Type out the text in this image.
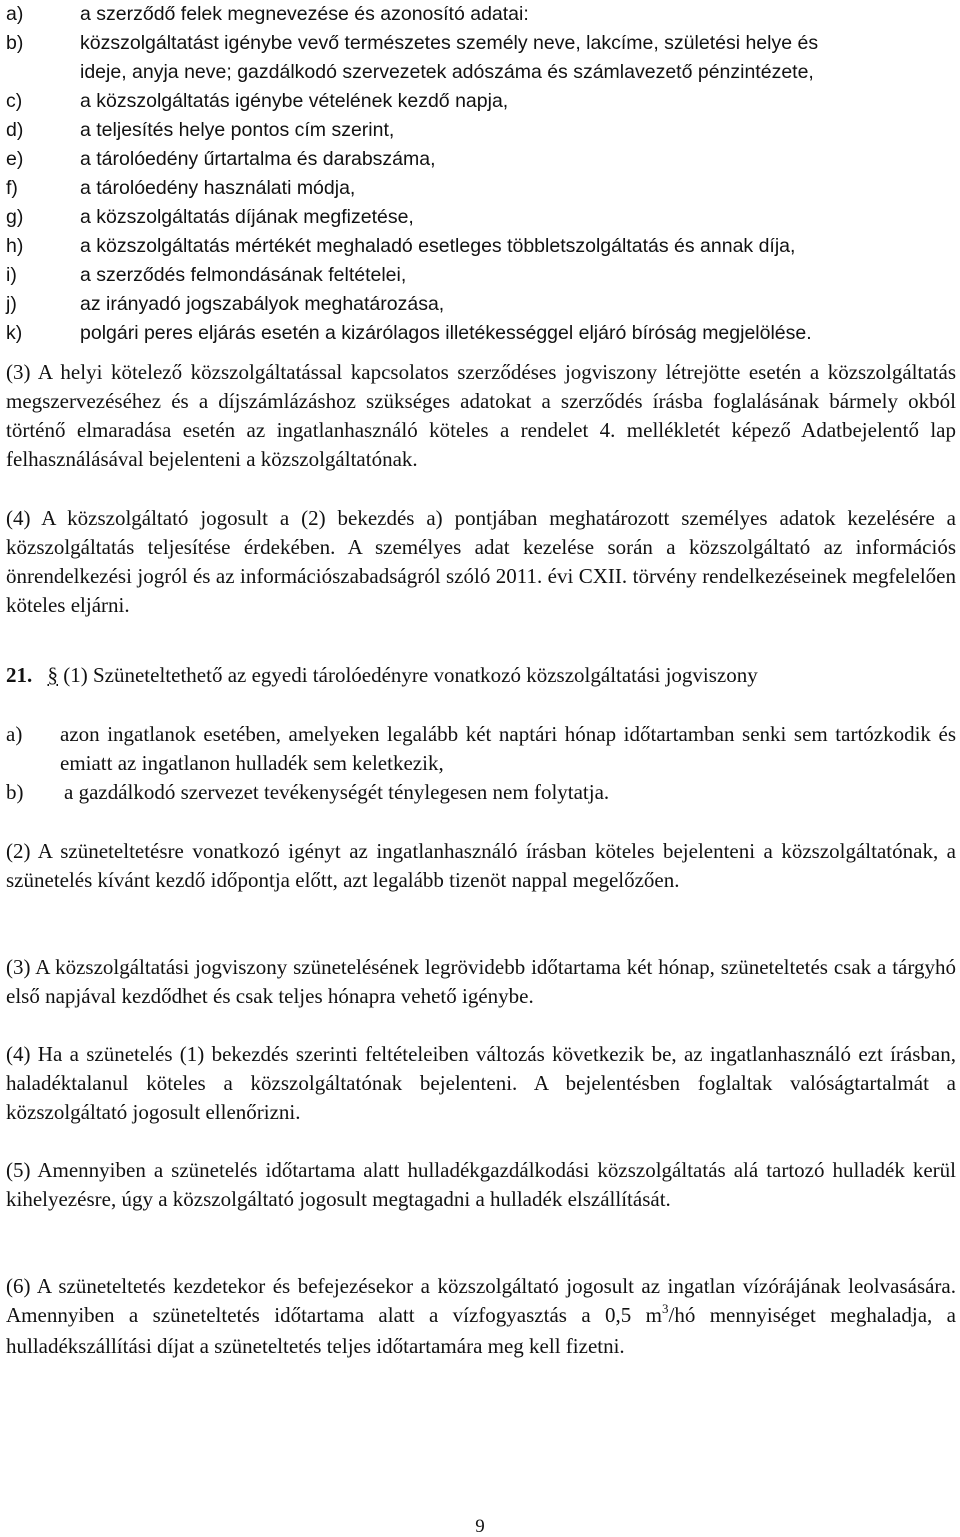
a)	a szerződő felek megnevezése és azonosító adatai:
b)	közszolgáltatást igénybe vevő természetes személy neve, lakcíme, születési helye és
ideje, anyja neve; gazdálkodó szervezetek adószáma és számlavezető pénzintézete,
c)	a közszolgáltatás igénybe vételének kezdő napja,
d)	a teljesítés helye pontos cím szerint,
e)	a tárolóedény űrtartalma és darabszáma,
f)	a tárolóedény használati módja,
g)	a közszolgáltatás díjának megfizetése,
h)	a közszolgáltatás mértékét meghaladó esetleges többletszolgáltatás és annak díja,
i)	a szerződés felmondásának feltételei,
j)	az irányadó jogszabályok meghatározása,
k)	polgári peres eljárás esetén a kizárólagos illetékességgel eljáró bíróság megjelölése.

(3) A helyi kötelező közszolgáltatással kapcsolatos szerződéses jogviszony létrejötte esetén a közszolgáltatás megszervezéséhez és a díjszámlázáshoz szükséges adatokat a szerződés írásba foglalásának bármely okból történő elmaradása esetén az ingatlanhasználó köteles a rendelet 4. mellékletét képező Adatbejelentő lap felhasználásával bejelenteni a közszolgáltatónak.

(4) A közszolgáltató jogosult a (2) bekezdés a) pontjában meghatározott személyes adatok kezelésére a közszolgáltatás teljesítése érdekében. A személyes adat kezelése során a közszolgáltató az információs önrendelkezési jogról és az információszabadságról szóló 2011. évi CXII. törvény rendelkezéseinek megfelelően köteles eljárni.

21. § (1) Szüneteltethető az egyedi tárolóedényre vonatkozó közszolgáltatási jogviszony
a) azon ingatlanok esetében, amelyeken legalább két naptári hónap időtartamban senki sem tartózkodik és emiatt az ingatlanon hulladék sem keletkezik,
b) a gazdálkodó szervezet tevékenységét ténylegesen nem folytatja.

(2) A szüneteltetésre vonatkozó igényt az ingatlanhasználó írásban köteles bejelenteni a közszolgáltatónak, a szünetelés kívánt kezdő időpontja előtt, azt legalább tizenöt nappal megelőzően.

(3) A közszolgáltatási jogviszony szünetelésének legrövidebb időtartama két hónap, szüneteltetés csak a tárgyhó első napjával kezdődhet és csak teljes hónapra vehető igénybe.

(4) Ha a szünetelés (1) bekezdés szerinti feltételeiben változás következik be, az ingatlanhasználó ezt írásban, haladéktalanul köteles a közszolgáltatónak bejelenteni. A bejelentésben foglaltak valóságtartalmát a közszolgáltató jogosult ellenőrizni.

(5) Amennyiben a szünetelés időtartama alatt hulladékgazdálkodási közszolgáltatás alá tartozó hulladék kerül kihelyezésre, úgy a közszolgáltató jogosult megtagadni a hulladék elszállítását.

(6) A szüneteltetés kezdetekor és befejezésekor a közszolgáltató jogosult az ingatlan vízórájának leolvasására. Amennyiben a szüneteltetés időtartama alatt a vízfogyasztás a 0,5 $m^3/hó$ mennyiséget meghaladja, a hulladékszállítási díjat a szüneteltetés teljes időtartamára meg kell fizetni.

9
